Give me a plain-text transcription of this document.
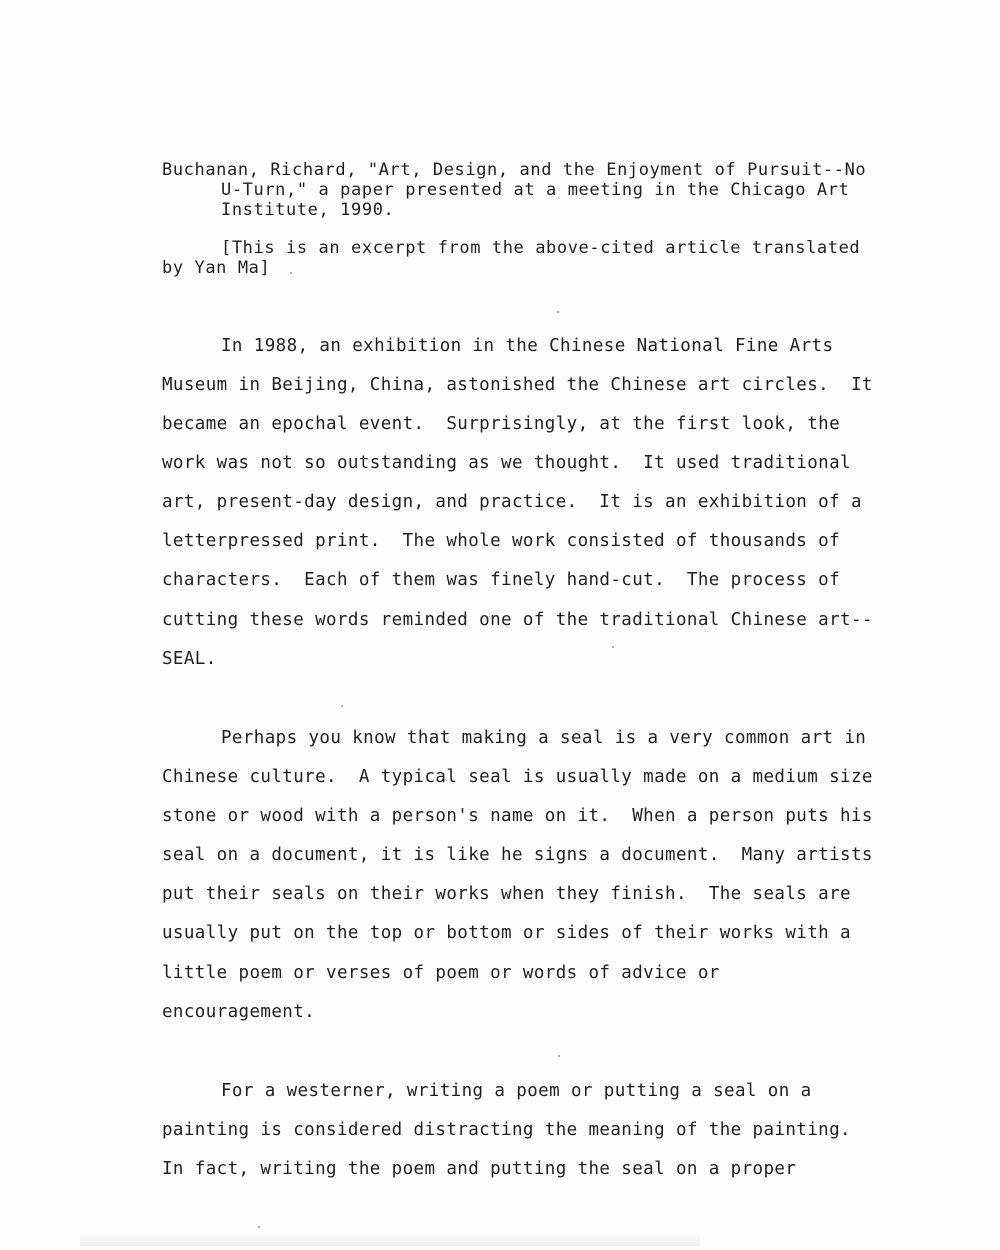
Buchanan, Richard, "Art, Design, and the Enjoyment of Pursuit--No
U-Turn," a paper presented at a meeting in the Chicago Art
Institute, 1990.
[This is an excerpt from the above-cited article translated
by Yan Ma]
In 1988, an exhibition in the Chinese National Fine Arts
Museum in Beijing, China, astonished the Chinese art circles.  It
became an epochal event.  Surprisingly, at the first look, the
work was not so outstanding as we thought.  It used traditional
art, present-day design, and practice.  It is an exhibition of a
letterpressed print.  The whole work consisted of thousands of
characters.  Each of them was finely hand-cut.  The process of
cutting these words reminded one of the traditional Chinese art--
SEAL.
Perhaps you know that making a seal is a very common art in
Chinese culture.  A typical seal is usually made on a medium size
stone or wood with a person's name on it.  When a person puts his
seal on a document, it is like he signs a document.  Many artists
put their seals on their works when they finish.  The seals are
usually put on the top or bottom or sides of their works with a
little poem or verses of poem or words of advice or
encouragement.
For a westerner, writing a poem or putting a seal on a
painting is considered distracting the meaning of the painting.
In fact, writing the poem and putting the seal on a proper
